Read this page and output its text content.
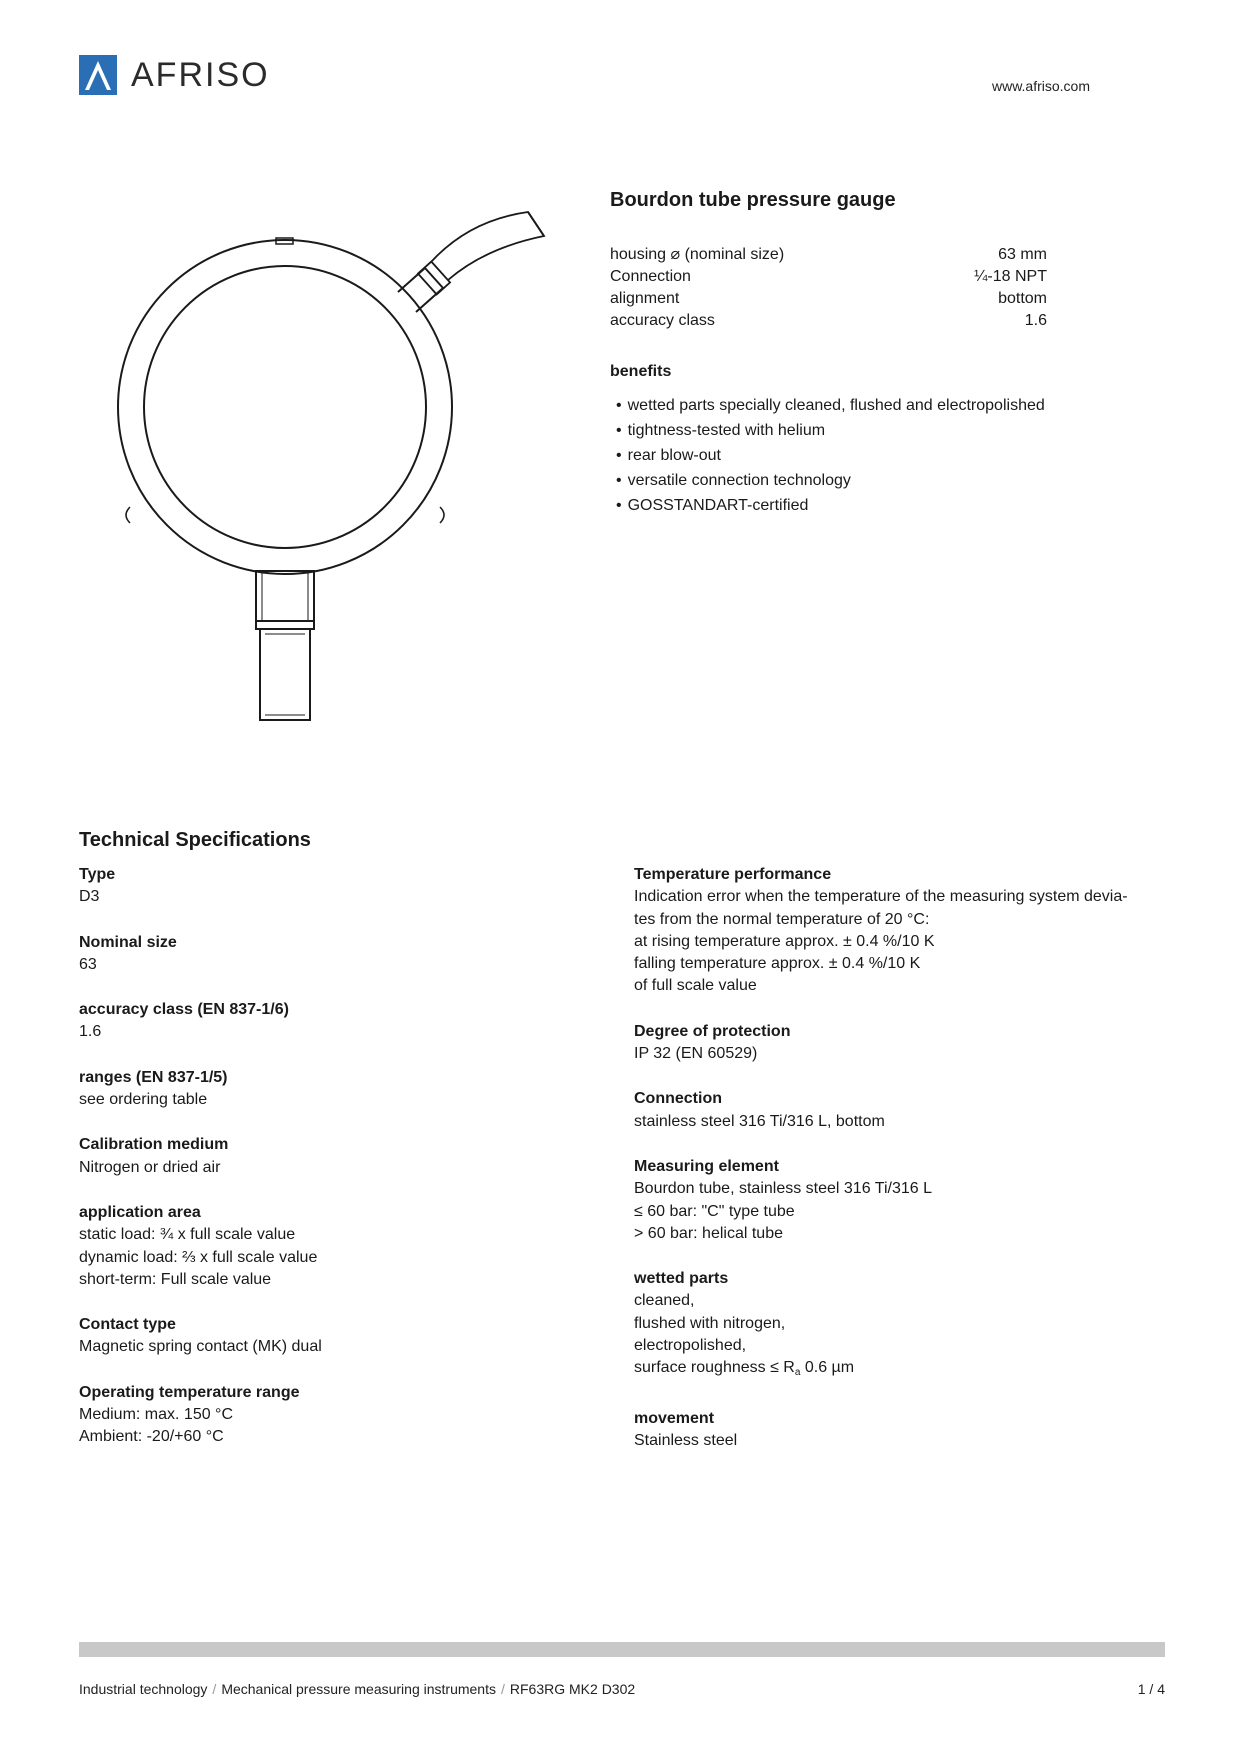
AFRISO	www.afriso.com
Bourdon tube pressure gauge
housing ⌀ (nominal size)	63 mm
Connection	¼-18 NPT
alignment	bottom
accuracy class	1.6
benefits
• wetted parts specially cleaned, flushed and electropolished
• tightness-tested with helium
• rear blow-out
• versatile connection technology
• GOSSTANDART-certified
Technical Specifications
Type
D3
Nominal size
63
accuracy class (EN 837-1/6)
1.6
ranges (EN 837-1/5)
see ordering table
Calibration medium
Nitrogen or dried air
application area
static load: ¾ x full scale value
dynamic load: ⅔ x full scale value
short-term: Full scale value
Contact type
Magnetic spring contact (MK) dual
Operating temperature range
Medium: max. 150 °C
Ambient: -20/+60 °C
Temperature performance
Indication error when the temperature of the measuring system devia-
tes from the normal temperature of 20 °C:
at rising temperature approx. ± 0.4 %/10 K
falling temperature approx. ± 0.4 %/10 K
of full scale value
Degree of protection
IP 32 (EN 60529)
Connection
stainless steel 316 Ti/316 L, bottom
Measuring element
Bourdon tube, stainless steel 316 Ti/316 L
≤ 60 bar: "C" type tube
> 60 bar: helical tube
wetted parts
cleaned,
flushed with nitrogen,
electropolished,
surface roughness ≤ $R_a$ 0.6 µm
movement
Stainless steel
Industrial technology / Mechanical pressure measuring instruments / RF63RG MK2 D302	1 / 4
